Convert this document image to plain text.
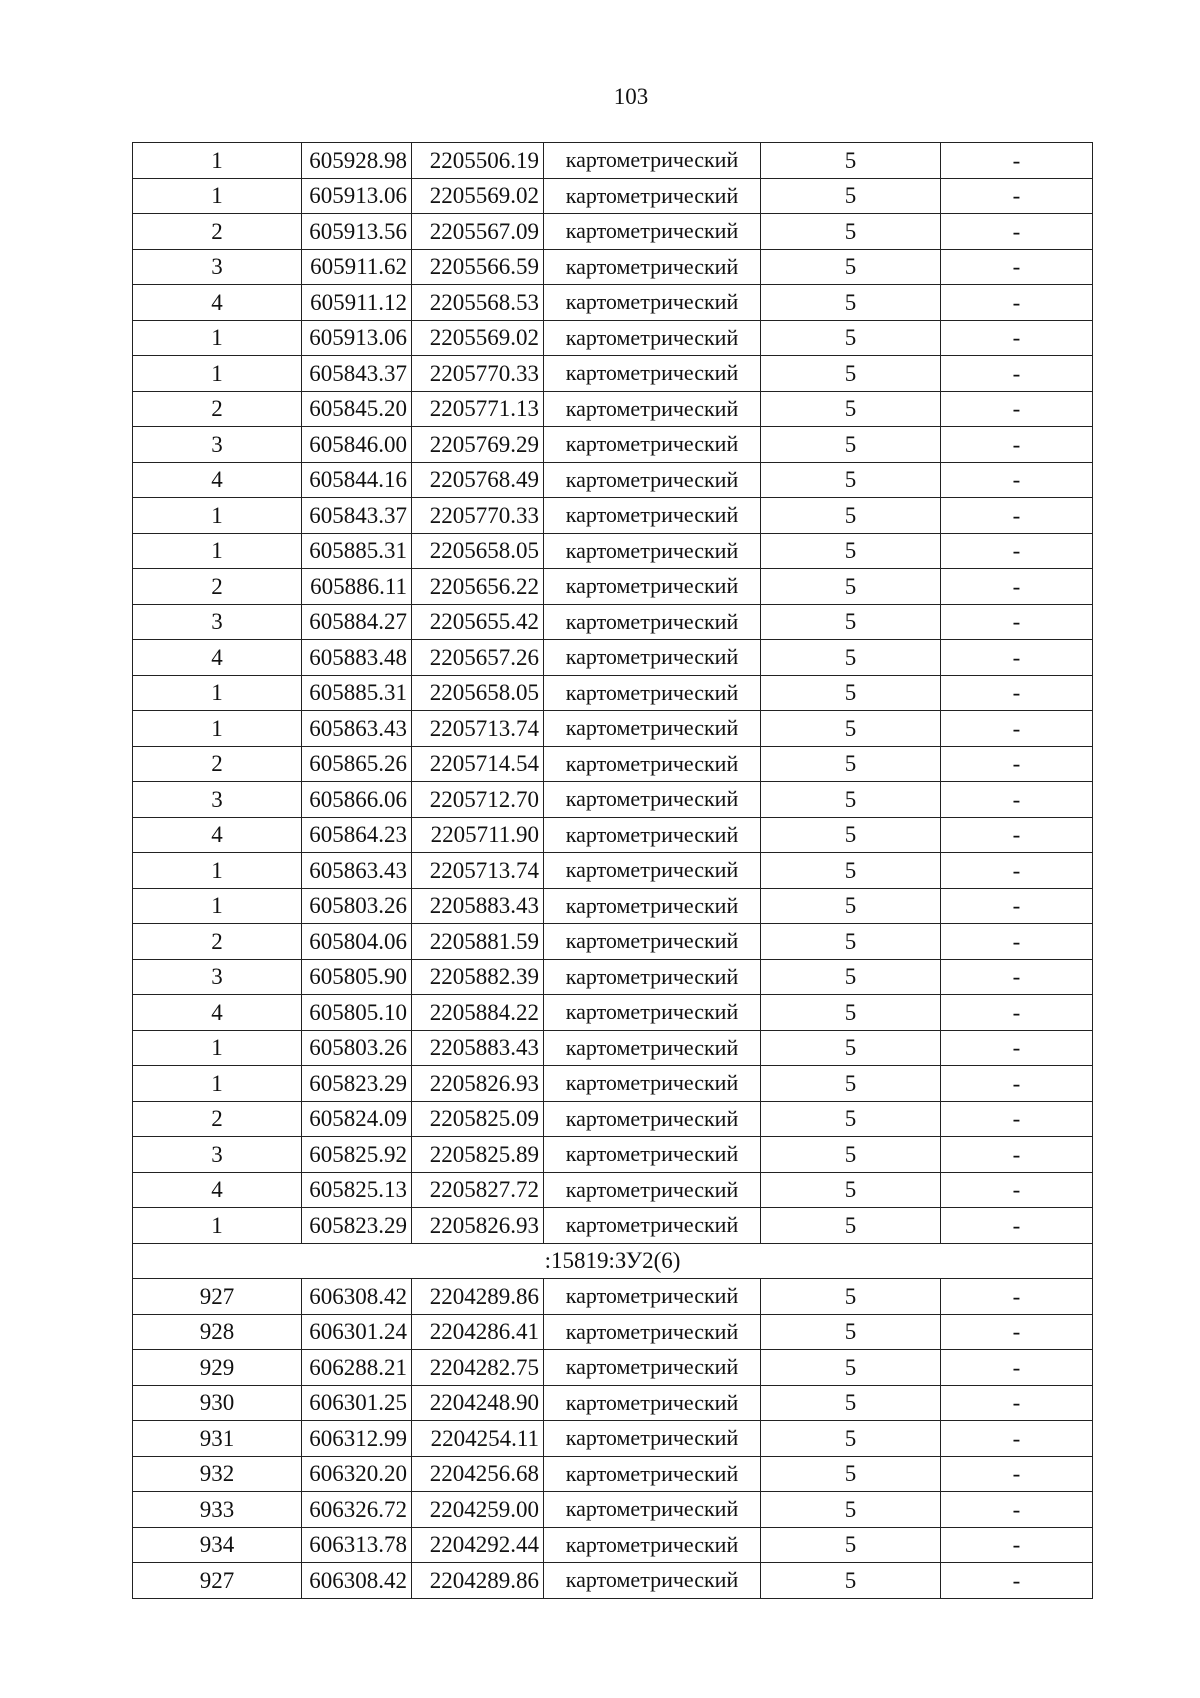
103
1	605928.98	2205506.19	картометрический	5	-
1	605913.06	2205569.02	картометрический	5	-
2	605913.56	2205567.09	картометрический	5	-
3	605911.62	2205566.59	картометрический	5	-
4	605911.12	2205568.53	картометрический	5	-
1	605913.06	2205569.02	картометрический	5	-
1	605843.37	2205770.33	картометрический	5	-
2	605845.20	2205771.13	картометрический	5	-
3	605846.00	2205769.29	картометрический	5	-
4	605844.16	2205768.49	картометрический	5	-
1	605843.37	2205770.33	картометрический	5	-
1	605885.31	2205658.05	картометрический	5	-
2	605886.11	2205656.22	картометрический	5	-
3	605884.27	2205655.42	картометрический	5	-
4	605883.48	2205657.26	картометрический	5	-
1	605885.31	2205658.05	картометрический	5	-
1	605863.43	2205713.74	картометрический	5	-
2	605865.26	2205714.54	картометрический	5	-
3	605866.06	2205712.70	картометрический	5	-
4	605864.23	2205711.90	картометрический	5	-
1	605863.43	2205713.74	картометрический	5	-
1	605803.26	2205883.43	картометрический	5	-
2	605804.06	2205881.59	картометрический	5	-
3	605805.90	2205882.39	картометрический	5	-
4	605805.10	2205884.22	картометрический	5	-
1	605803.26	2205883.43	картометрический	5	-
1	605823.29	2205826.93	картометрический	5	-
2	605824.09	2205825.09	картометрический	5	-
3	605825.92	2205825.89	картометрический	5	-
4	605825.13	2205827.72	картометрический	5	-
1	605823.29	2205826.93	картометрический	5	-
:15819:ЗУ2(6)					
927	606308.42	2204289.86	картометрический	5	-
928	606301.24	2204286.41	картометрический	5	-
929	606288.21	2204282.75	картометрический	5	-
930	606301.25	2204248.90	картометрический	5	-
931	606312.99	2204254.11	картометрический	5	-
932	606320.20	2204256.68	картометрический	5	-
933	606326.72	2204259.00	картометрический	5	-
934	606313.78	2204292.44	картометрический	5	-
927	606308.42	2204289.86	картометрический	5	-
